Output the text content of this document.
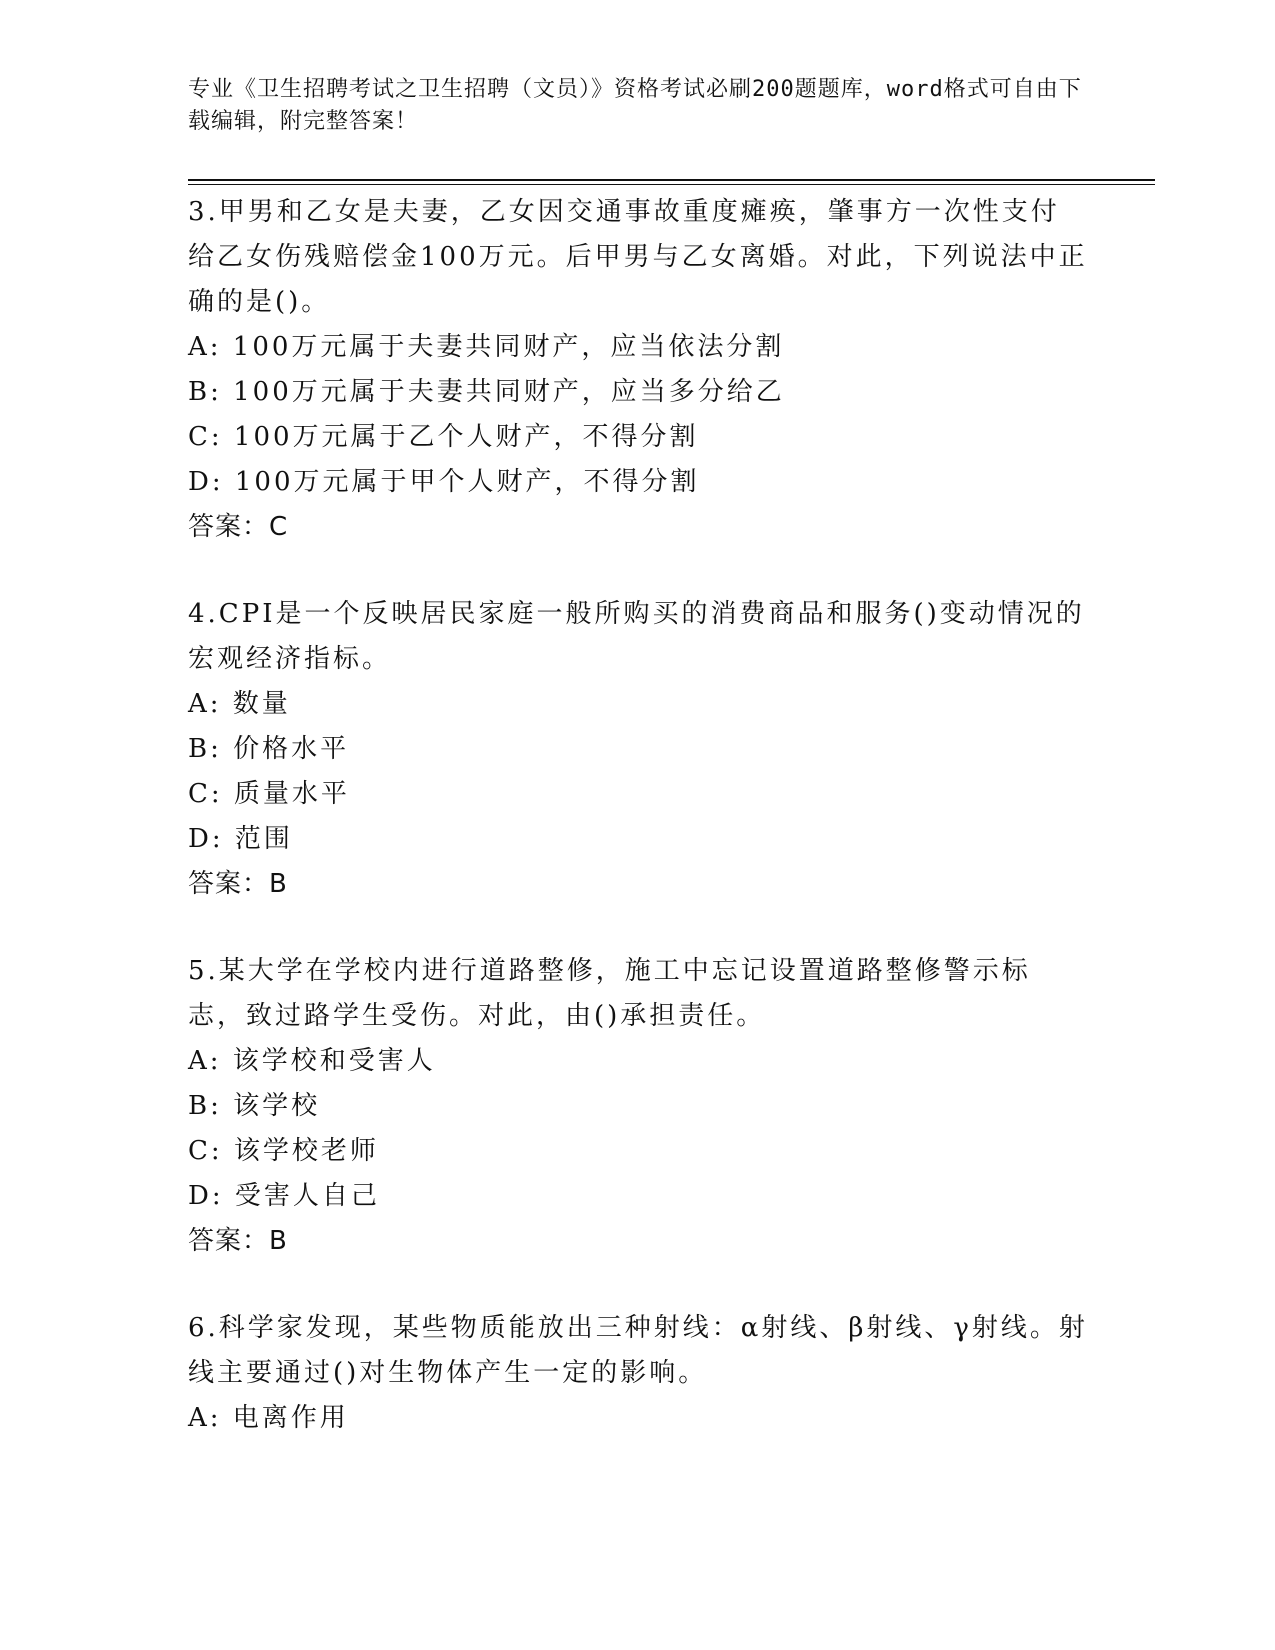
专业《卫生招聘考试之卫生招聘（文员）》资格考试必刷200题题库，word格式可自由下载编辑，附完整答案！
3.甲男和乙女是夫妻，乙女因交通事故重度瘫痪，肇事方一次性支付给乙女伤残赔偿金100万元。后甲男与乙女离婚。对此，下列说法中正确的是()。
A: 100万元属于夫妻共同财产，应当依法分割
B: 100万元属于夫妻共同财产，应当多分给乙
C: 100万元属于乙个人财产，不得分割
D: 100万元属于甲个人财产，不得分割
答案：C
4.CPI是一个反映居民家庭一般所购买的消费商品和服务()变动情况的宏观经济指标。
A: 数量
B: 价格水平
C: 质量水平
D: 范围
答案：B
5.某大学在学校内进行道路整修，施工中忘记设置道路整修警示标志，致过路学生受伤。对此，由()承担责任。
A: 该学校和受害人
B: 该学校
C: 该学校老师
D: 受害人自己
答案：B
6.科学家发现，某些物质能放出三种射线：α射线、β射线、γ射线。射线主要通过()对生物体产生一定的影响。
A: 电离作用
